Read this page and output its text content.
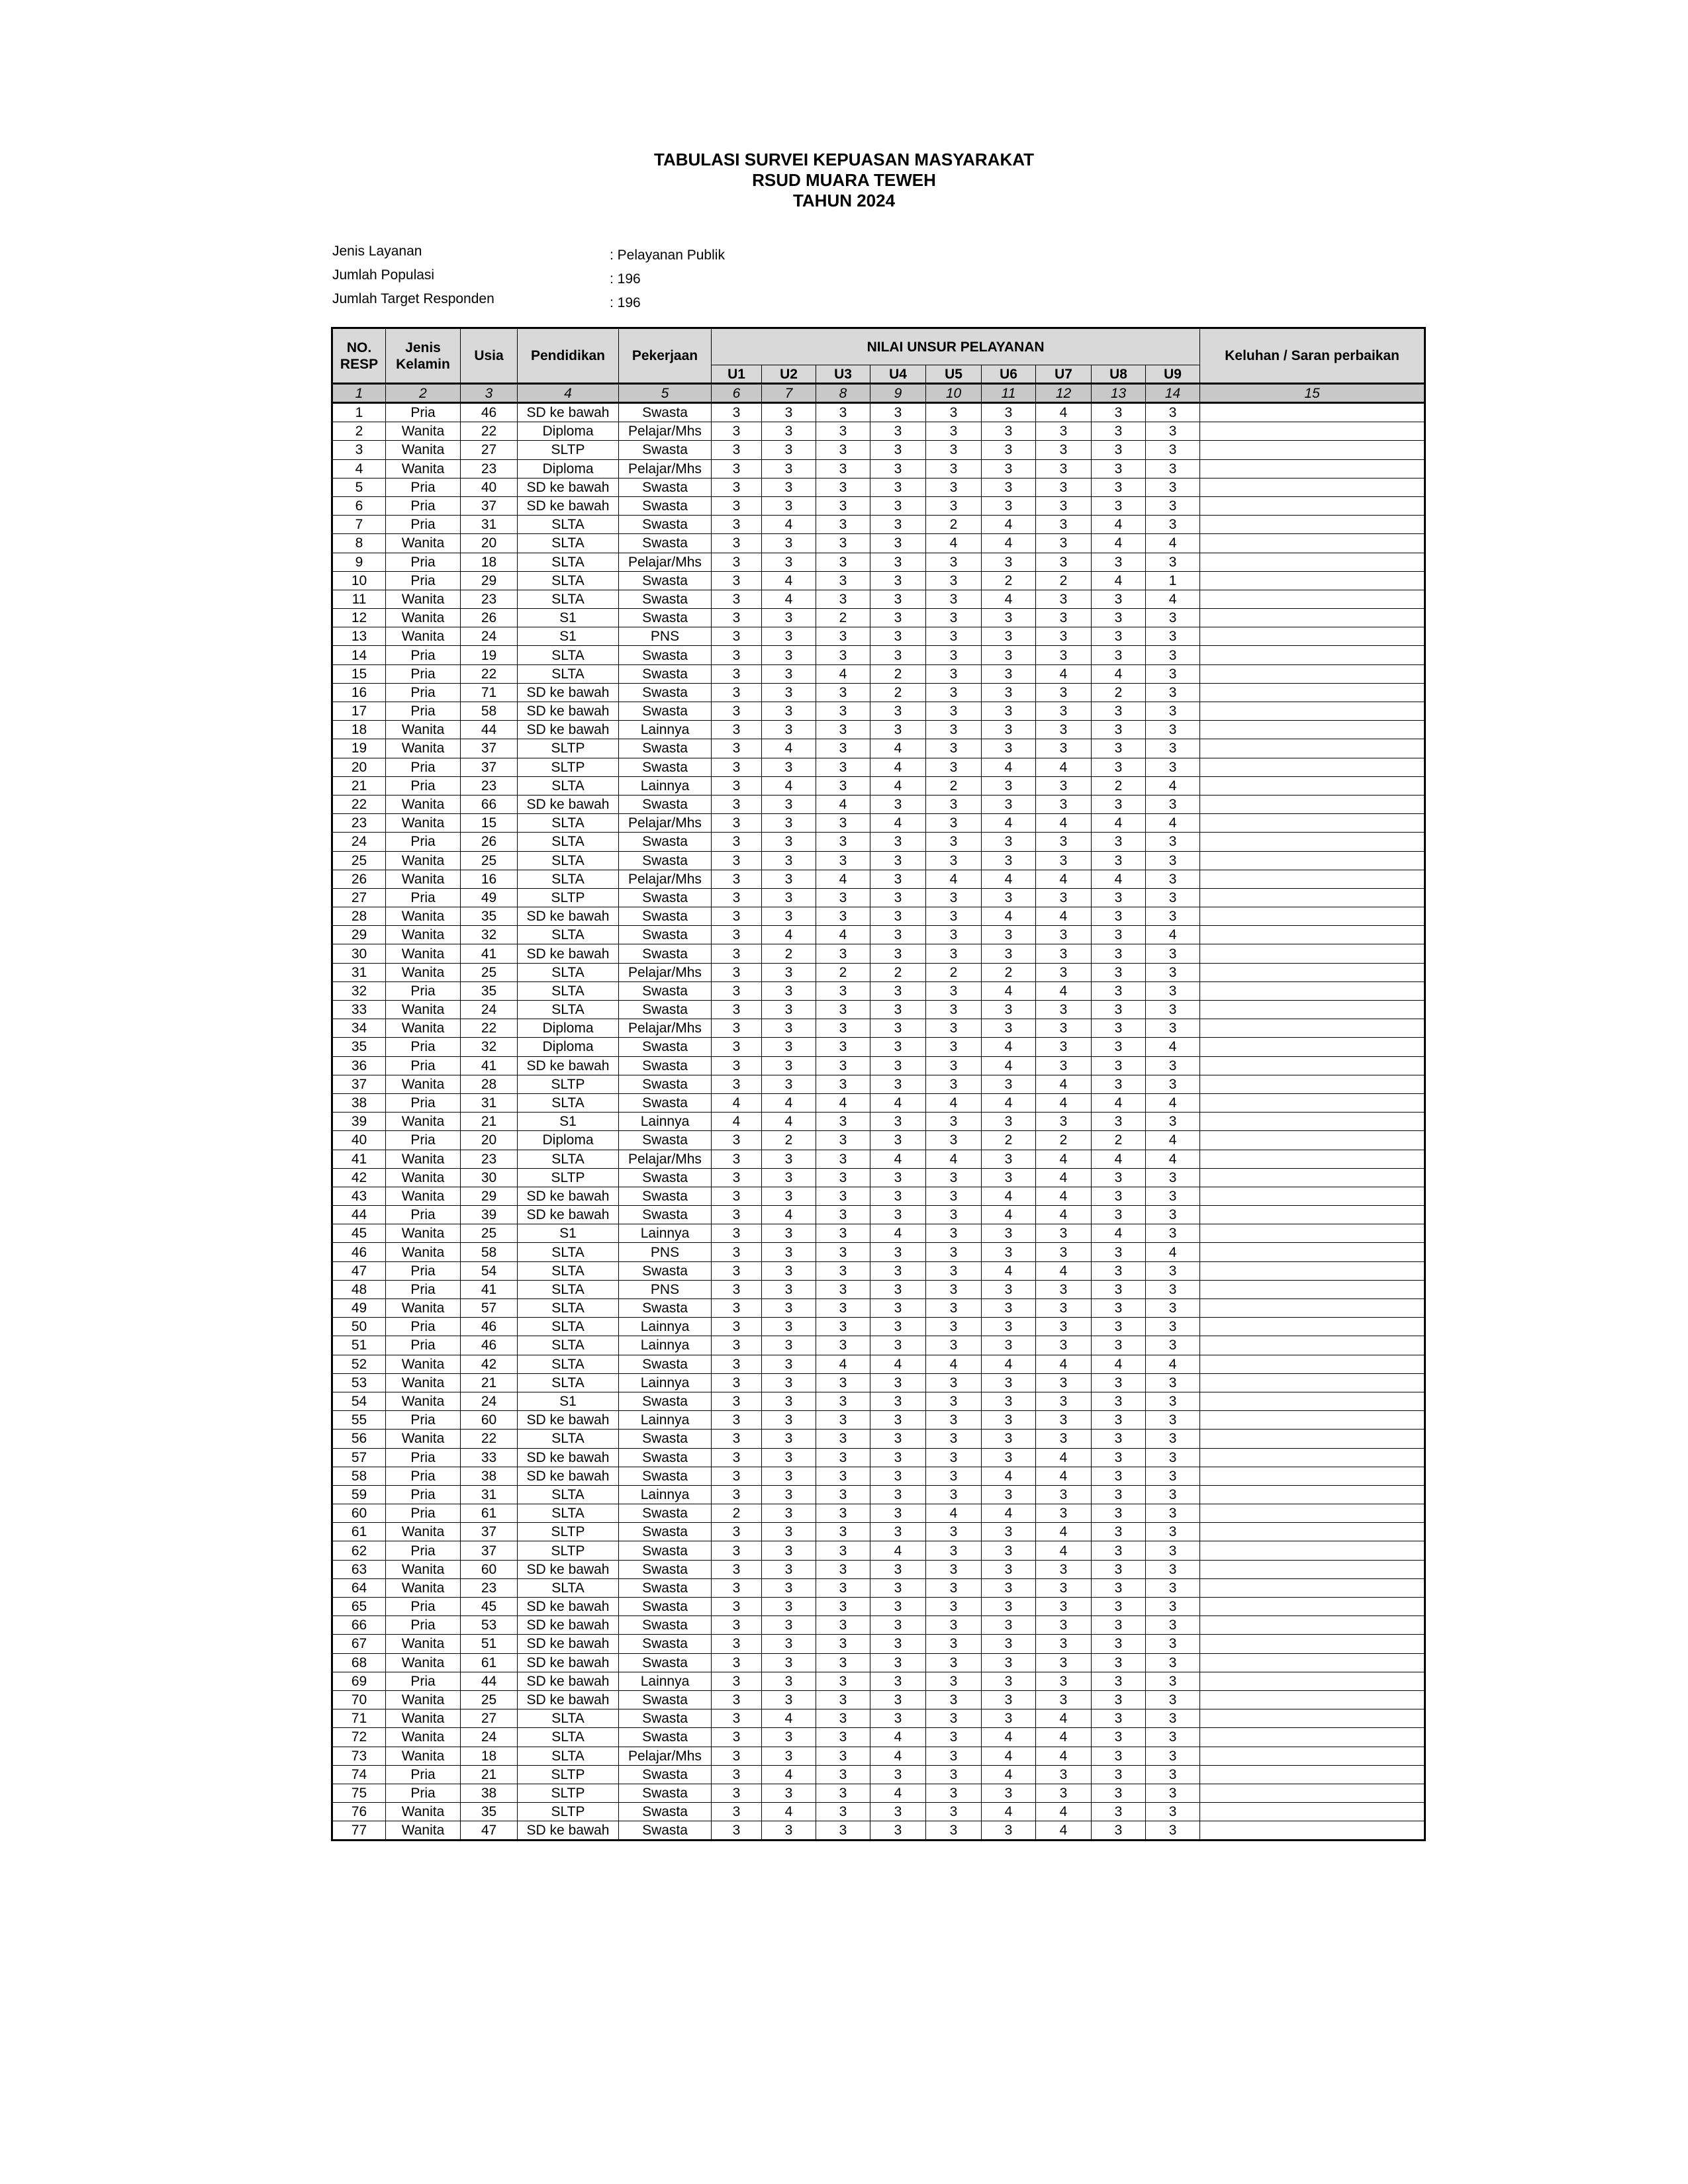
TABULASI SURVEI KEPUASAN MASYARAKAT
RSUD MUARA TEWEH
TAHUN 2024
Jenis Layanan	: Pelayanan Publik
Jumlah Populasi	: 196
Jumlah Target Responden	: 196
NO. RESP	Jenis Kelamin	Usia	Pendidikan	Pekerjaan	NILAI UNSUR PELAYANAN									Keluhan / Saran perbaikan
					U1	U2	U3	U4	U5	U6	U7	U8	U9	
1	2	3	4	5	6	7	8	9	10	11	12	13	14	15
1	Pria	46	SD ke bawah	Swasta	3	3	3	3	3	3	4	3	3	
2	Wanita	22	Diploma	Pelajar/Mhs	3	3	3	3	3	3	3	3	3	
3	Wanita	27	SLTP	Swasta	3	3	3	3	3	3	3	3	3	
4	Wanita	23	Diploma	Pelajar/Mhs	3	3	3	3	3	3	3	3	3	
5	Pria	40	SD ke bawah	Swasta	3	3	3	3	3	3	3	3	3	
6	Pria	37	SD ke bawah	Swasta	3	3	3	3	3	3	3	3	3	
7	Pria	31	SLTA	Swasta	3	4	3	3	2	4	3	4	3	
8	Wanita	20	SLTA	Swasta	3	3	3	3	4	4	3	4	4	
9	Pria	18	SLTA	Pelajar/Mhs	3	3	3	3	3	3	3	3	3	
10	Pria	29	SLTA	Swasta	3	4	3	3	3	2	2	4	1	
11	Wanita	23	SLTA	Swasta	3	4	3	3	3	4	3	3	4	
12	Wanita	26	S1	Swasta	3	3	2	3	3	3	3	3	3	
13	Wanita	24	S1	PNS	3	3	3	3	3	3	3	3	3	
14	Pria	19	SLTA	Swasta	3	3	3	3	3	3	3	3	3	
15	Pria	22	SLTA	Swasta	3	3	4	2	3	3	4	4	3	
16	Pria	71	SD ke bawah	Swasta	3	3	3	2	3	3	3	2	3	
17	Pria	58	SD ke bawah	Swasta	3	3	3	3	3	3	3	3	3	
18	Wanita	44	SD ke bawah	Lainnya	3	3	3	3	3	3	3	3	3	
19	Wanita	37	SLTP	Swasta	3	4	3	4	3	3	3	3	3	
20	Pria	37	SLTP	Swasta	3	3	3	4	3	4	4	3	3	
21	Pria	23	SLTA	Lainnya	3	4	3	4	2	3	3	2	4	
22	Wanita	66	SD ke bawah	Swasta	3	3	4	3	3	3	3	3	3	
23	Wanita	15	SLTA	Pelajar/Mhs	3	3	3	4	3	4	4	4	4	
24	Pria	26	SLTA	Swasta	3	3	3	3	3	3	3	3	3	
25	Wanita	25	SLTA	Swasta	3	3	3	3	3	3	3	3	3	
26	Wanita	16	SLTA	Pelajar/Mhs	3	3	4	3	4	4	4	4	3	
27	Pria	49	SLTP	Swasta	3	3	3	3	3	3	3	3	3	
28	Wanita	35	SD ke bawah	Swasta	3	3	3	3	3	4	4	3	3	
29	Wanita	32	SLTA	Swasta	3	4	4	3	3	3	3	3	4	
30	Wanita	41	SD ke bawah	Swasta	3	2	3	3	3	3	3	3	3	
31	Wanita	25	SLTA	Pelajar/Mhs	3	3	2	2	2	2	3	3	3	
32	Pria	35	SLTA	Swasta	3	3	3	3	3	4	4	3	3	
33	Wanita	24	SLTA	Swasta	3	3	3	3	3	3	3	3	3	
34	Wanita	22	Diploma	Pelajar/Mhs	3	3	3	3	3	3	3	3	3	
35	Pria	32	Diploma	Swasta	3	3	3	3	3	4	3	3	4	
36	Pria	41	SD ke bawah	Swasta	3	3	3	3	3	4	3	3	3	
37	Wanita	28	SLTP	Swasta	3	3	3	3	3	3	4	3	3	
38	Pria	31	SLTA	Swasta	4	4	4	4	4	4	4	4	4	
39	Wanita	21	S1	Lainnya	4	4	3	3	3	3	3	3	3	
40	Pria	20	Diploma	Swasta	3	2	3	3	3	2	2	2	4	
41	Wanita	23	SLTA	Pelajar/Mhs	3	3	3	4	4	3	4	4	4	
42	Wanita	30	SLTP	Swasta	3	3	3	3	3	3	4	3	3	
43	Wanita	29	SD ke bawah	Swasta	3	3	3	3	3	4	4	3	3	
44	Pria	39	SD ke bawah	Swasta	3	4	3	3	3	4	4	3	3	
45	Wanita	25	S1	Lainnya	3	3	3	4	3	3	3	4	3	
46	Wanita	58	SLTA	PNS	3	3	3	3	3	3	3	3	4	
47	Pria	54	SLTA	Swasta	3	3	3	3	3	4	4	3	3	
48	Pria	41	SLTA	PNS	3	3	3	3	3	3	3	3	3	
49	Wanita	57	SLTA	Swasta	3	3	3	3	3	3	3	3	3	
50	Pria	46	SLTA	Lainnya	3	3	3	3	3	3	3	3	3	
51	Pria	46	SLTA	Lainnya	3	3	3	3	3	3	3	3	3	
52	Wanita	42	SLTA	Swasta	3	3	4	4	4	4	4	4	4	
53	Wanita	21	SLTA	Lainnya	3	3	3	3	3	3	3	3	3	
54	Wanita	24	S1	Swasta	3	3	3	3	3	3	3	3	3	
55	Pria	60	SD ke bawah	Lainnya	3	3	3	3	3	3	3	3	3	
56	Wanita	22	SLTA	Swasta	3	3	3	3	3	3	3	3	3	
57	Pria	33	SD ke bawah	Swasta	3	3	3	3	3	3	4	3	3	
58	Pria	38	SD ke bawah	Swasta	3	3	3	3	3	4	4	3	3	
59	Pria	31	SLTA	Lainnya	3	3	3	3	3	3	3	3	3	
60	Pria	61	SLTA	Swasta	2	3	3	3	4	4	3	3	3	
61	Wanita	37	SLTP	Swasta	3	3	3	3	3	3	4	3	3	
62	Pria	37	SLTP	Swasta	3	3	3	4	3	3	4	3	3	
63	Wanita	60	SD ke bawah	Swasta	3	3	3	3	3	3	3	3	3	
64	Wanita	23	SLTA	Swasta	3	3	3	3	3	3	3	3	3	
65	Pria	45	SD ke bawah	Swasta	3	3	3	3	3	3	3	3	3	
66	Pria	53	SD ke bawah	Swasta	3	3	3	3	3	3	3	3	3	
67	Wanita	51	SD ke bawah	Swasta	3	3	3	3	3	3	3	3	3	
68	Wanita	61	SD ke bawah	Swasta	3	3	3	3	3	3	3	3	3	
69	Pria	44	SD ke bawah	Lainnya	3	3	3	3	3	3	3	3	3	
70	Wanita	25	SD ke bawah	Swasta	3	3	3	3	3	3	3	3	3	
71	Wanita	27	SLTA	Swasta	3	4	3	3	3	3	4	3	3	
72	Wanita	24	SLTA	Swasta	3	3	3	4	3	4	4	3	3	
73	Wanita	18	SLTA	Pelajar/Mhs	3	3	3	4	3	4	4	3	3	
74	Pria	21	SLTP	Swasta	3	4	3	3	3	4	3	3	3	
75	Pria	38	SLTP	Swasta	3	3	3	4	3	3	3	3	3	
76	Wanita	35	SLTP	Swasta	3	4	3	3	3	4	4	3	3	
77	Wanita	47	SD ke bawah	Swasta	3	3	3	3	3	3	4	3	3	
